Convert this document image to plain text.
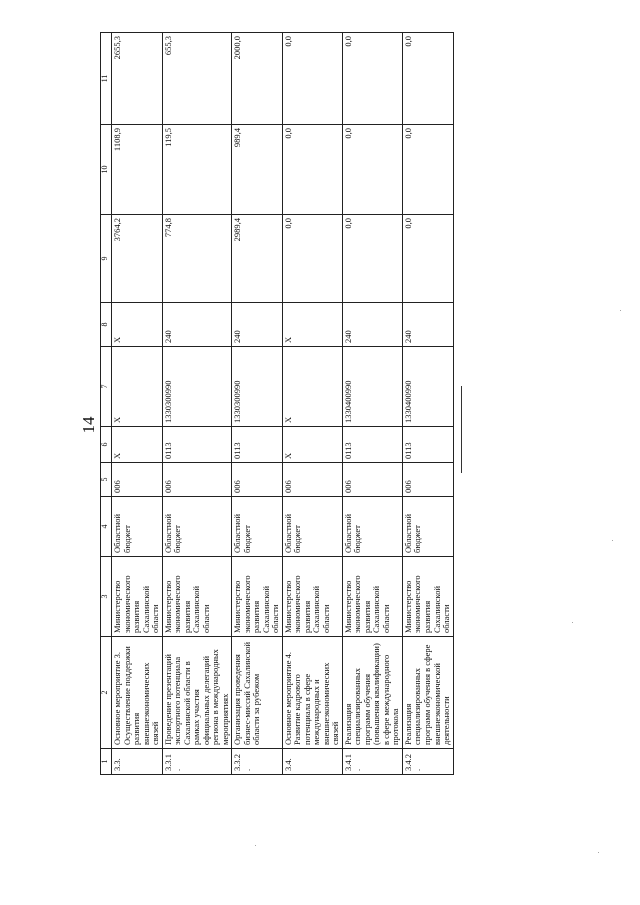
14
1	2	3	4	5	6	7	8	9	10	11
3.3.	Основное мероприятие 3. Осуществление поддержки развития внешнеэкономических связей	Министерство экономического развития Сахалинской области	Областной бюджет	006	X	X	X	3764,2	1108,9	2655,3
3.3.1.	Проведение презентаций экспортного потенциала Сахалинской области в рамках участия официальных делегаций региона в международных мероприятиях	Министерство экономического развития Сахалинской области	Областной бюджет	006	0113	1330300990	240	774,8	119,5	655,3
3.3.2.	Организация проведения бизнес-миссий Сахалинской области за рубежом	Министерство экономического развития Сахалинской области	Областной бюджет	006	0113	1330300990	240	2989,4	989,4	2000,0
3.4.	Основное мероприятие 4. Развитие кадрового потенциала в сфере международных и внешнеэкономических связей	Министерство экономического развития Сахалинской области	Областной бюджет	006	X	X	X	0,0	0,0	0,0
3.4.1.	Реализация специализированных программ обучения (повышения квалификации) в сфере международного протокола	Министерство экономического развития Сахалинской области	Областной бюджет	006	0113	1330400990	240	0,0	0,0	0,0
3.4.2.	Реализация специализированных программ обучения в сфере внешнеэкономической деятельности	Министерство экономического развития Сахалинской области	Областной бюджет	006	0113	1330400990	240	0,0	0,0	0,0
